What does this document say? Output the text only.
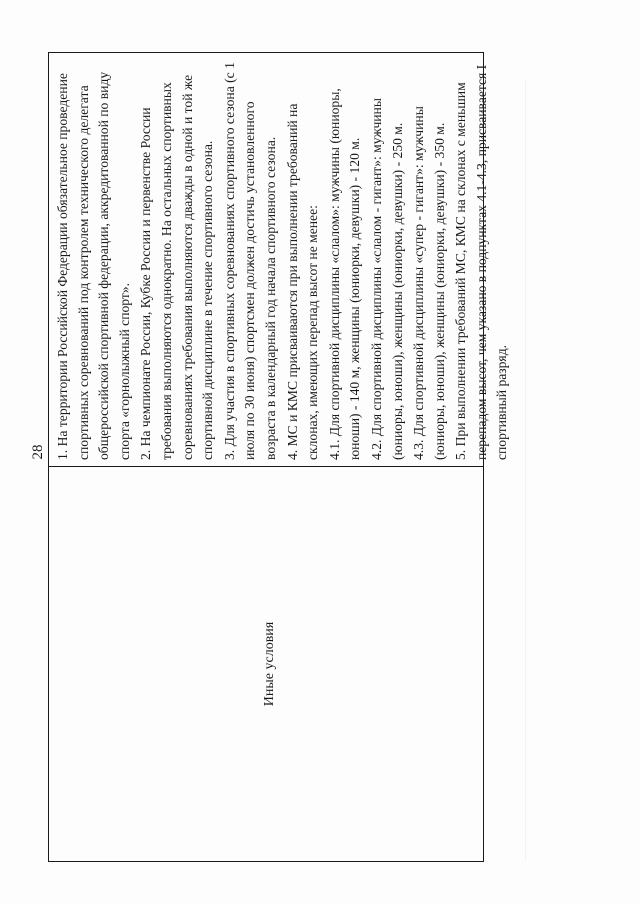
28
Иные условия

1. На территории Российской Федерации обязательное проведение спортивных соревнований под контролем технического делегата общероссийской спортивной федерации, аккредитованной по виду спорта «горнолыжный спорт». 2. На чемпионате России, Кубке России и первенстве России требования выполняются однократно. На остальных спортивных соревнованиях требования выполняются дважды в одной и той же спортивной дисциплине в течение спортивного сезона. 3. Для участия в спортивных соревнованиях спортивного сезона (с 1 июля по 30 июня) спортсмен должен достичь установленного возраста в календарный год начала спортивного сезона. 4. МС и КМС присваиваются при выполнении требований на склонах, имеющих перепад высот не менее: 4.1. Для спортивной дисциплины «слалом»: мужчины (юниоры, юноши) - 140 м, женщины (юниорки, девушки) - 120 м. 4.2. Для спортивной дисциплины «слалом - гигант»: мужчины (юниоры, юноши), женщины (юниорки, девушки) - 250 м. 4.3. Для спортивной дисциплины «супер - гигант»: мужчины (юниоры, юноши), женщины (юниорки, девушки) - 350 м. 5. При выполнении требований МС, КМС на склонах с меньшим перепадом высот, чем указано в подпунктах 4.1-4.3, присваивается I спортивный разряд.
